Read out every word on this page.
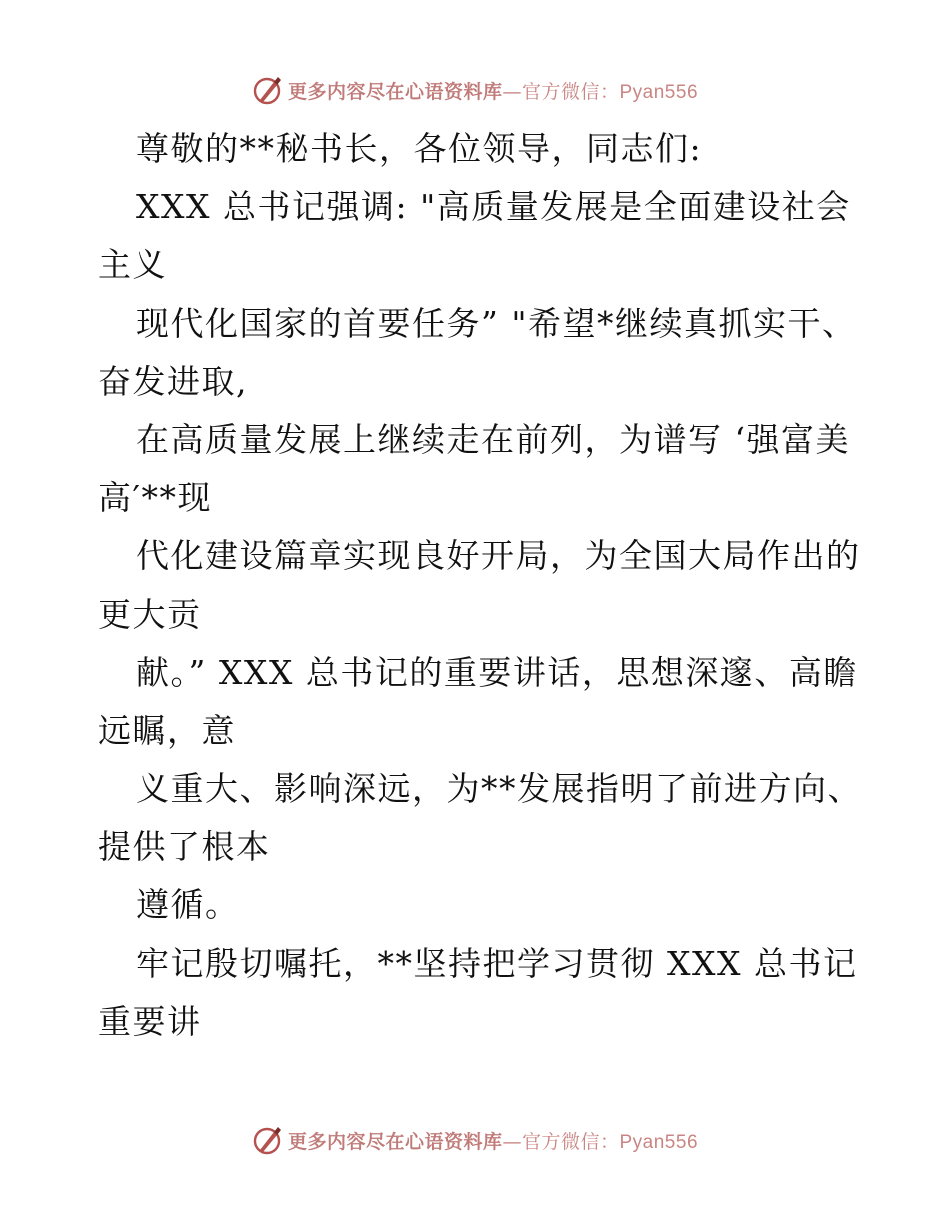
更多内容尽在心语资料库—官方微信：Pyan556
尊敬的**秘书长，各位领导，同志们:
XXX 总书记强调: "高质量发展是全面建设社会
主义
现代化国家的首要任务” "希望*继续真抓实干、
奋发进取,
在高质量发展上继续走在前列，为谱写 ‘强富美
高′**现
代化建设篇章实现良好开局，为全国大局作出的
更大贡
献。” XXX 总书记的重要讲话，思想深邃、高瞻
远瞩，意
义重大、影响深远，为**发展指明了前进方向、
提供了根本
遵循。
牢记殷切嘱托，**坚持把学习贯彻 XXX 总书记
重要讲
更多内容尽在心语资料库—官方微信：Pyan556
